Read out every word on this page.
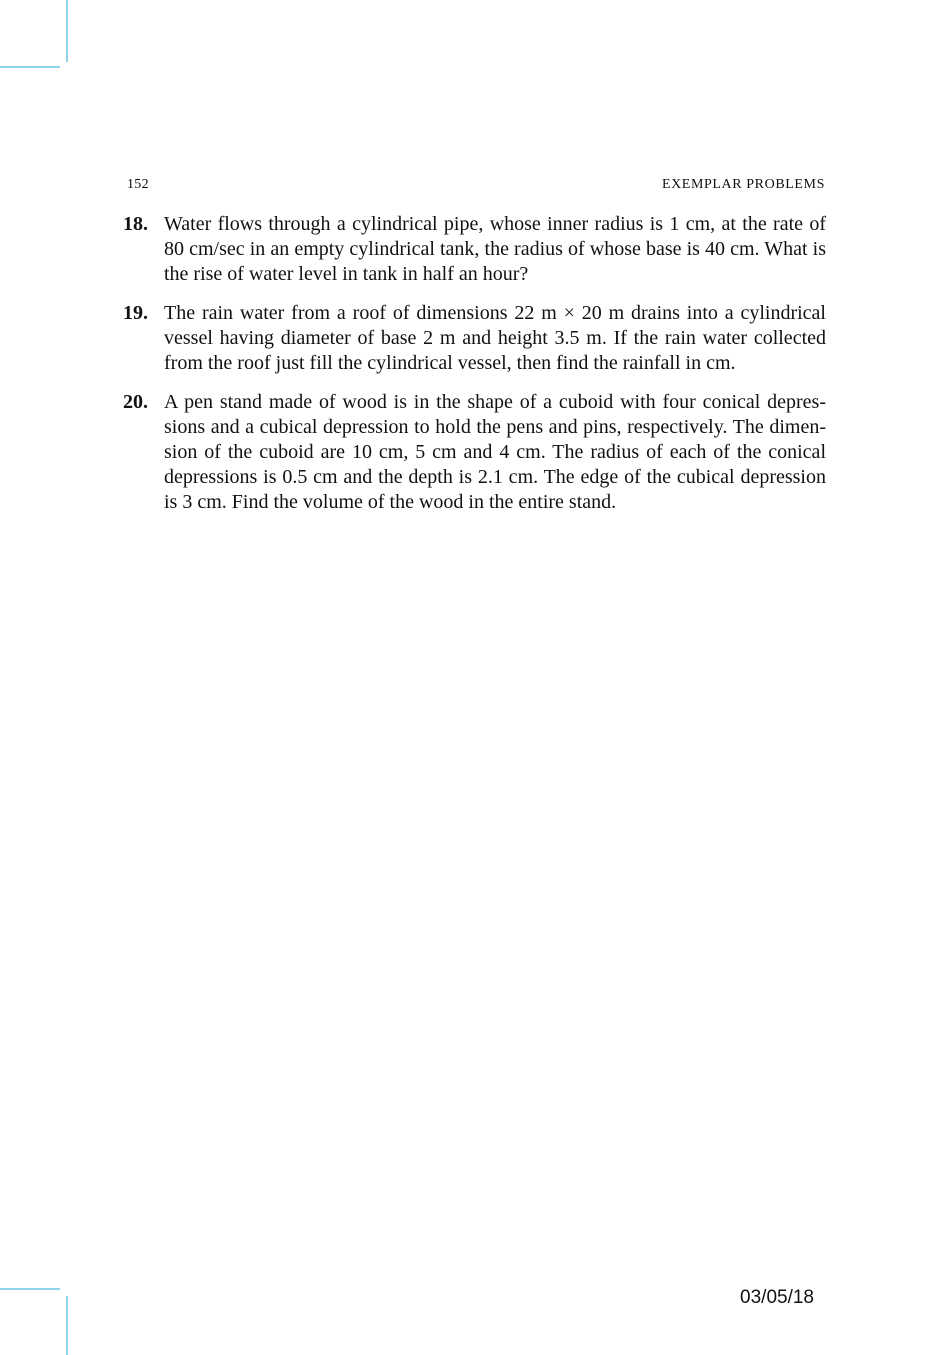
152	EXEMPLAR PROBLEMS
18. Water flows through a cylindrical pipe, whose inner radius is 1 cm, at the rate of 80 cm/sec in an empty cylindrical tank, the radius of whose base is 40 cm. What is the rise of water level in tank in half an hour?
19. The rain water from a roof of dimensions 22 m × 20 m drains into a cylindrical vessel having diameter of base 2 m and height 3.5 m. If the rain water collected from the roof just fill the cylindrical vessel, then find the rainfall in cm.
20. A pen stand made of wood is in the shape of a cuboid with four conical depressions and a cubical depression to hold the pens and pins, respectively. The dimension of the cuboid are 10 cm, 5 cm and 4 cm. The radius of each of the conical depressions is 0.5 cm and the depth is 2.1 cm. The edge of the cubical depression is 3 cm. Find the volume of the wood in the entire stand.
03/05/18
